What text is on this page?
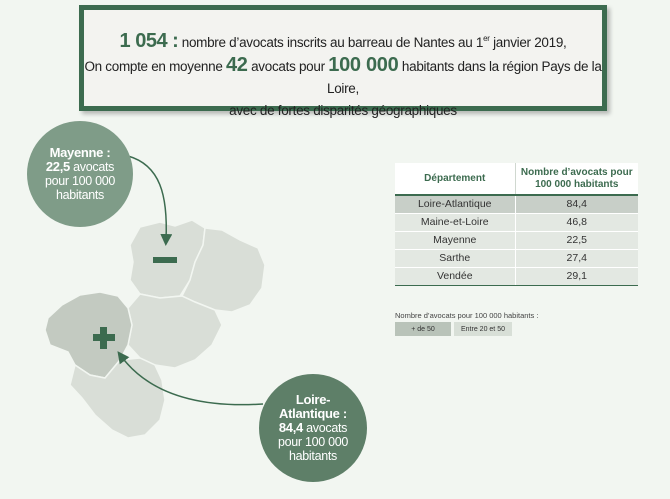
1 054 : nombre d’avocats inscrits au barreau de Nantes au 1er janvier 2019,
On compte en moyenne 42 avocats pour 100 000 habitants dans la région Pays de la Loire,
avec de fortes disparités géographiques
Mayenne :
22,5 avocats
pour 100 000
habitants
Loire-
Atlantique :
84,4 avocats
pour 100 000
habitants
Département	Nombre d’avocats pour 100 000 habitants
Loire-Atlantique	84,4
Maine-et-Loire	46,8
Mayenne	22,5
Sarthe	27,4
Vendée	29,1
Nombre d’avocats pour 100 000 habitants :
+ de 50	Entre 20 et 50
